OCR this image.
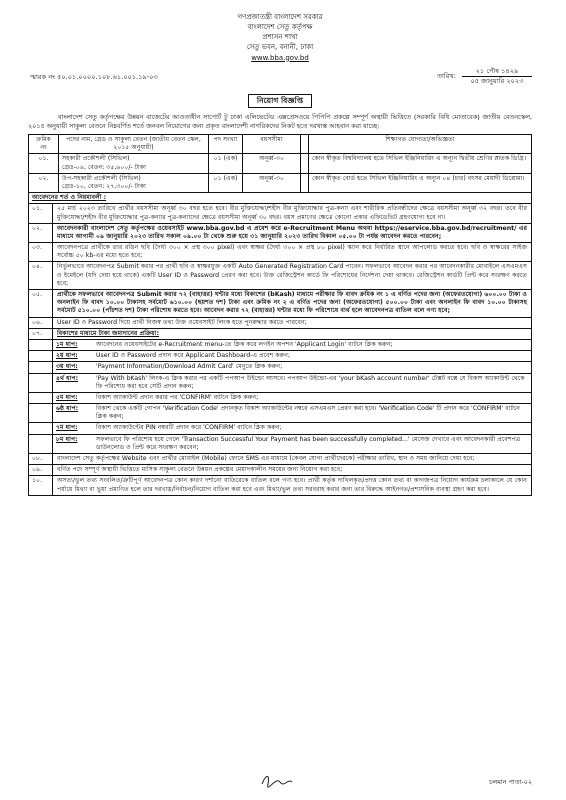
গণপ্রজাতন্ত্রী বাংলাদেশ সরকার
বাংলাদেশ সেতু কর্তৃপক্ষ
প্রশাসন শাখা
সেতু ভবন, বনানী, ঢাকা
www.bba.gov.bd
স্মারক নং ৫০.০১.০০০০.১০৮.৬১.০০১.১৯-০৩	তারিখ:
২১ পৌষ ১৪২৯
০৫ জানুয়ারি ২০২৩
নিয়োগ বিজ্ঞপ্তি

বাংলাদেশ সেতু কর্তৃপক্ষের উন্নয়ন বাজেটের আওতাধীন সাপোর্ট টু ঢাকা এলিভেটেড এক্সপ্রেসওয়ে পিপিপি প্রকল্পে সম্পূর্ণ অস্থায়ী ভিত্তিতে (সরকারি বিধি মোতাবেক) জাতীয় বেতনস্কেল, ২০১৫ অনুযায়ী সাকুল্য বেতনে নিম্নবর্ণিত শর্তে জনবল নিয়োগের জন্য প্রকৃত বাংলাদেশী নাগরিকদের নিকট হতে দরখাস্ত আহবান করা যাচ্ছে:

ক্রমিক নং	পদের নাম, গ্রেড ও সাকুল্য বেতন (জাতীয় বেতন স্কেল, ২০১৫ অনুযায়ী)	পদ সংখ্যা	বয়সসীমা		শিক্ষাগত যোগ্যতা/অভিজ্ঞতা
০১.	সহকারী প্রকৌশলী (সিভিল)
গ্রেড-০৯, বেতন: ৩৫,৬০০/- টাকা	০১ (এক)	অনূর্ধ্ব-৩০		কোন স্বীকৃত বিশ্ববিদ্যালয় হতে সিভিল ইঞ্জিনিয়ারিং এ অন্যূন দ্বিতীয় শ্রেণির স্নাতক ডিগ্রি।
০২.	উপ-সহকারী প্রকৌশলী (সিভিল)
গ্রেড-১০, বেতন: ২৭,৩০০/- টাকা	০১ (এক)	অনূর্ধ্ব-৩০		কোন স্বীকৃত বোর্ড হতে সিভিল ইঞ্জিনিয়ারিং এ অন্যূন ০৪ (চার) বৎসর মেয়াদী ডিপ্লোমা।
আবেদনের শর্ত ও নিয়মাবলী :
০১.	২৫ মার্চ ২০২৩ তারিখে প্রার্থীর বয়সসীমা অনূর্ধ্ব ৩০ বছর হতে হবে। বীর মুক্তিযোদ্ধা/শহীদ বীর মুক্তিযোদ্ধার পুত্র-কন্যা এবং শারীরিক প্রতিবন্ধীদের ক্ষেত্রে বয়সসীমা অনূর্ধ্ব ৩২ বছর। তবে বীর মুক্তিযোদ্ধা/শহীদ বীর মুক্তিযোদ্ধার পুত্র-কন্যার পুত্র-কন্যাদের ক্ষেত্রে বয়সসীমা অনূর্ধ্ব ৩০ বছর। বয়স প্রমাণের ক্ষেত্রে কোনো প্রকার এফিডেভিট গ্রহণযোগ্য হবে না।
০২.	আবেদনকারী বাংলাদেশ সেতু কর্তৃপক্ষের ওয়েবসাইট www.bba.gov.bd এ প্রবেশ করে e-Recruitment Menu অথবা https://eservice.bba.gov.bd/recruitment/ এর মাধ্যমে আগামী ০৯ জানুয়ারি ২০২৩ তারিখ সকাল ০৯.০০ টা থেকে শুরু হয়ে ৩১ জানুয়ারি ২০২৩ তারিখ বিকাল ০৫.০০ টা পর্যন্ত আবেদন করতে পারবেন;
০৩.	আবেদনপত্রে প্রার্থীকে তার রঙিন ছবি (দৈর্ঘ্য ৩০০ × প্রস্থ ৩০০ pixel) এবং স্বাক্ষর (দৈর্ঘ্য ৩০০ × প্রস্থ ৮০ pixel) স্ক্যান করে নির্ধারিত স্থানে আপলোড করতে হবে। ছবি ও স্বাক্ষরের সাইজ সর্বোচ্চ ৫০ kb-এর মধ্যে হতে হবে;
০৪.	নির্ভুলভাবে আবেদনপত্র Submit করার পর প্রার্থী ছবি ও স্বাক্ষরযুক্ত একটি Auto Generated Registration Card পাবেন। সফলভাবে আবেদন করার পর আবেদনকারীর মোবাইলে এসএমএস ও ইমেইলে (যদি দেয়া হয়ে থাকে) একটি User ID ও Password প্রেরণ করা হবে। উক্ত রেজিস্ট্রেশন কার্ডে ফি পরিশোধের নির্দেশনা দেয়া থাকবে। রেজিস্ট্রেশন কার্ডটি প্রিন্ট করে সংরক্ষণ করতে হবে;
০৫.	প্রার্থীকে সফলভাবে আবেদনপত্র Submit করার ৭২ (বাহাত্তর) ঘন্টার মধ্যে বিকাশের (bKash) মাধ্যমে পরীক্ষার ফি বাবদ ক্রমিক নং ১ এ বর্ণিত পদের জন্য (অফেরতযোগ্য) ৬০০.০০ টাকা ও অনলাইন ফি বাবদ ১০.০০ টাকাসহ সর্বমোট ৬১০.০০ (ছয়শত দশ) টাকা এবং ক্রমিক নং ২ এ বর্ণিত পদের জন্য (অফেরতযোগ্য) ৫০০.০০ টাকা এবং অনলাইন ফি বাবদ ১০.০০ টাকাসহ সর্বমোট ৫১০.০০ (পাঁচশত দশ) টাকা পরিশোধ করতে হবে। আবেদন করার ৭২ (বাহাত্তর) ঘন্টার মধ্যে ফি পরিশোধে ব্যর্থ হলে আবেদনপত্র বাতিল বলে গণ্য হবে;
০৬.	User ID ও Password দিয়ে প্রার্থী নিজস্ব তথ্য উক্ত ওয়েবসাইট লিংক হতে পুনরুদ্ধার করতে পারবেন;
০৭.	বিকাশের মাধ্যমে টাকা জমাদানের প্রক্রিয়া:
১ম ধাপ:	আবেদনের ওয়েবসাইটের e-Recruitment menu-তে ক্লিক করে লগইন অপশন 'Applicant Login' বাটনে ক্লিক করুন;
২য় ধাপ:	User ID ও Password প্রদান করে Applicant Dashboard-এ প্রবেশ করুন;
৩য় ধাপ:	'Payment Information/Download Admit Card' মেনুতে ক্লিক করুন;
৪র্থ ধাপ:	'Pay With bKash' লিংক-এ ক্লিক করার পর একটি পপআপ উইন্ডো আসবে। পপআপ উইন্ডো-এর 'your bKash account number' টেক্সট বক্সে যে বিকাশ অ্যাকাউন্ট থেকে ফি পরিশোধ করা হবে সেটি প্রদান করুন;
৫ম ধাপ:	বিকাশ অ্যাকাউন্ট প্রদান করার পর 'CONFIRM' বাটনে ক্লিক করুন;
৬ষ্ঠ ধাপ:	বিকাশ থেকে একটি গোপন 'Verification Code' প্রদানকৃত বিকাশ অ্যাকাউন্টের নম্বরে এসএমএস প্রেরণ করা হবে। 'Verification Code' টি প্রদান করে 'CONFIRM' বাটনে ক্লিক করুন;
৭ম ধাপ:	বিকাশ অ্যাকাউন্টের PIN নম্বরটি প্রদান করে 'CONFIRM' বাটনে ক্লিক করুন;
৮ম ধাপ:	সফলভাবে ফি পরিশোধ হয়ে গেলে 'Transaction Successful Your Payment has been successfully completed...' মেসেজ দেখাবে এবং আবেদনকারী প্রবেশপত্র ডাউনলোড ও প্রিন্ট করে সংরক্ষণ করবেন;
০৮.	বাংলাদেশ সেতু কর্তৃপক্ষের Website এবং প্রার্থীর মোবাইল (Mobile) ফোনে SMS এর মাধ্যমে (কেবল যোগ্য প্রার্থীদেরকে) পরীক্ষার তারিখ, স্থান ও সময় জানিয়ে দেয়া হবে;
০৯.	বর্ণিত পদে সম্পূর্ণ অস্থায়ী ভিত্তিতে মাসিক সাকুল্য বেতনে উন্নয়ন প্রকল্পের মেয়াদকালীন সময়ের জন্য নিয়োগ করা হবে;
১০.	অসত্য/ভুল তথ্য সংবলিত/ত্রুটিপূর্ণ আবেদনপত্র কোন কারণ দর্শানো ব্যতিরেকে বাতিল বলে গণ্য হবে। প্রার্থী কর্তৃক দাখিলকৃত/প্রদত্ত কোন তথ্য বা কাগজপত্র নিয়োগ কার্যক্রম চলাকালে যে কোন পর্যায়ে মিথ্যা বা ভুয়া প্রমাণিত হলে তার দরখাস্ত/নির্বাচন/নিয়োগ বাতিল করা হবে এবং মিথ্যা/ভুল তথ্য সরবরাহ করার জন্য তার বিরুদ্ধে আইনগত/প্রশাসনিক ব্যবস্থা গ্রহণ করা হবে।
চলমান পাতা-০২
